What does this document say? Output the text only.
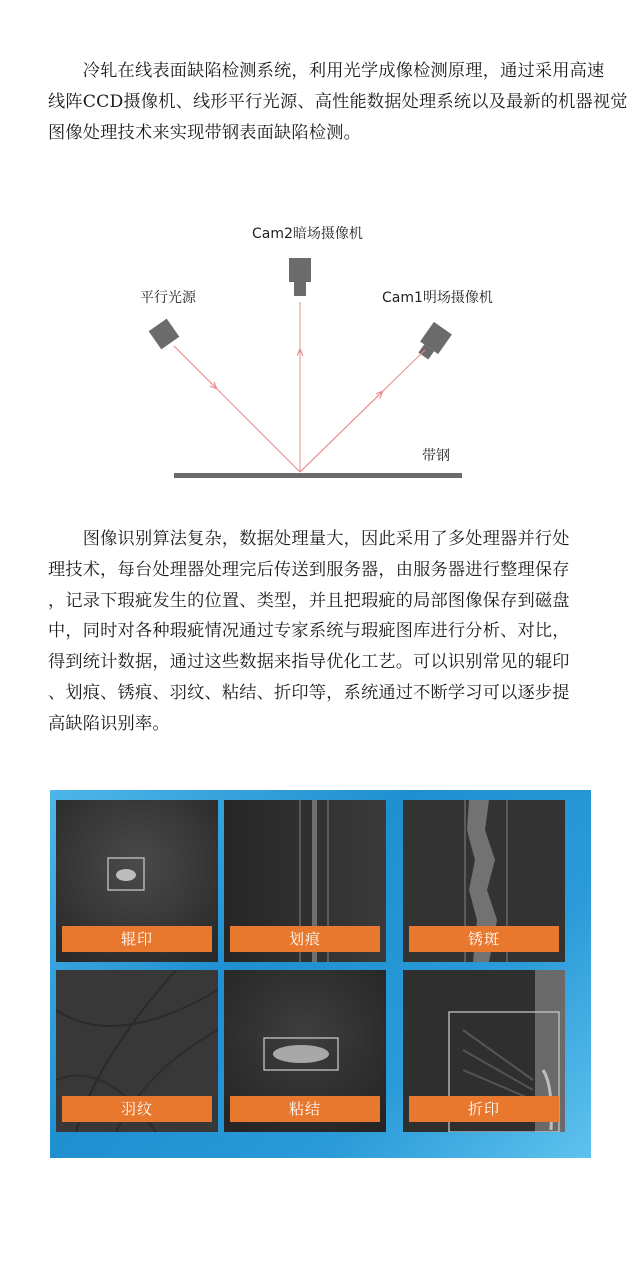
　　冷轧在线表面缺陷检测系统，利用光学成像检测原理，通过采用高速
线阵CCD摄像机、线形平行光源、高性能数据处理系统以及最新的机器视觉
图像处理技术来实现带钢表面缺陷检测。
Cam2暗场摄像机
平行光源	Cam1明场摄像机
带钢
　　图像识别算法复杂，数据处理量大，因此采用了多处理器并行处
理技术，每台处理器处理完后传送到服务器，由服务器进行整理保存
，记录下瑕疵发生的位置、类型，并且把瑕疵的局部图像保存到磁盘
中，同时对各种瑕疵情况通过专家系统与瑕疵图库进行分析、对比，
得到统计数据，通过这些数据来指导优化工艺。可以识别常见的辊印
、划痕、锈痕、羽纹、粘结、折印等，系统通过不断学习可以逐步提
高缺陷识别率。
辊印	划痕	锈斑
羽纹	粘结	折印
